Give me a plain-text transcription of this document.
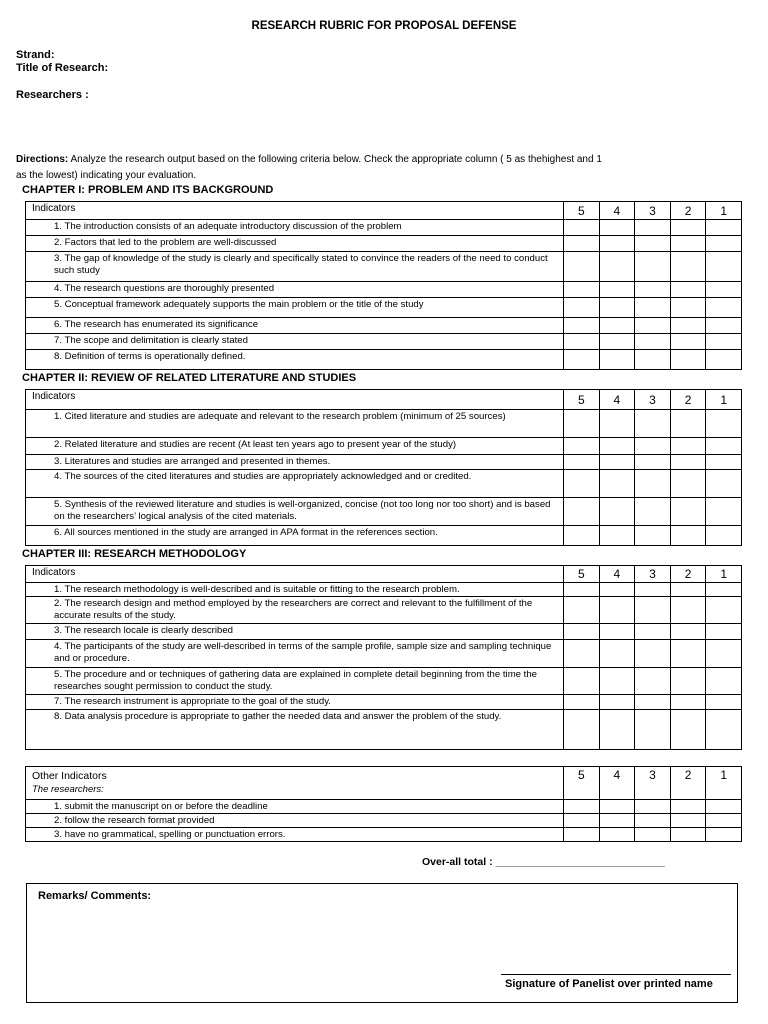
RESEARCH RUBRIC FOR PROPOSAL DEFENSE
Strand:
Title of Research:
Researchers :
Directions: Analyze the research output based on the following criteria below. Check the appropriate column ( 5 as thehighest and 1
as the lowest) indicating your evaluation.
CHAPTER I: PROBLEM AND ITS BACKGROUND
Indicators	5	4	3	2	1
1. The introduction consists of an adequate introductory discussion of the problem					
2. Factors that led to the problem are well-discussed					
3. The gap of knowledge of the study is clearly and specifically stated to convince the readers of the need to conduct such study					
4. The research questions are thoroughly presented					
5. Conceptual framework adequately supports the main problem or the title of the study					
6. The research has enumerated its significance					
7. The scope and delimitation is clearly stated					
8. Definition of terms is operationally defined.					
CHAPTER II: REVIEW OF RELATED LITERATURE AND STUDIES
Indicators	5	4	3	2	1
1. Cited literature and studies are adequate and relevant to the research problem (minimum of 25 sources)					
2. Related literature and studies are recent (At least ten years ago to present year of the study)					
3. Literatures and studies are arranged and presented in themes.					
4. The sources of the cited literatures and studies are appropriately acknowledged and or credited.					
5. Synthesis of the reviewed literature and studies is well-organized, concise (not too long nor too short) and is based on the researchers’ logical analysis of the cited materials.					
6. All sources mentioned in the study are arranged in APA format in the references section.					
CHAPTER III: RESEARCH METHODOLOGY
Indicators	5	4	3	2	1
1. The research methodology is well-described and is suitable or fitting to the research problem.					
2. The research design and method employed by the researchers are correct and relevant to the fulfillment of the accurate results of the study.					
3. The research locale is clearly described					
4. The participants of the study are well-described in terms of the sample profile, sample size and sampling technique and or procedure.					
5. The procedure and or techniques of gathering data are explained in complete detail beginning from the time the researches sought permission to conduct the study.					
7. The research instrument is appropriate to the goal of the study.					
8. Data analysis procedure is appropriate to gather the needed data and answer the problem of the study.					
Other Indicators
The researchers:	5	4	3	2	1
1. submit the manuscript on or before the deadline					
2. follow the research format provided					
3. have no grammatical, spelling or punctuation errors.					
Over-all total : _____________________________
Remarks/ Comments:
Signature of Panelist over printed name
